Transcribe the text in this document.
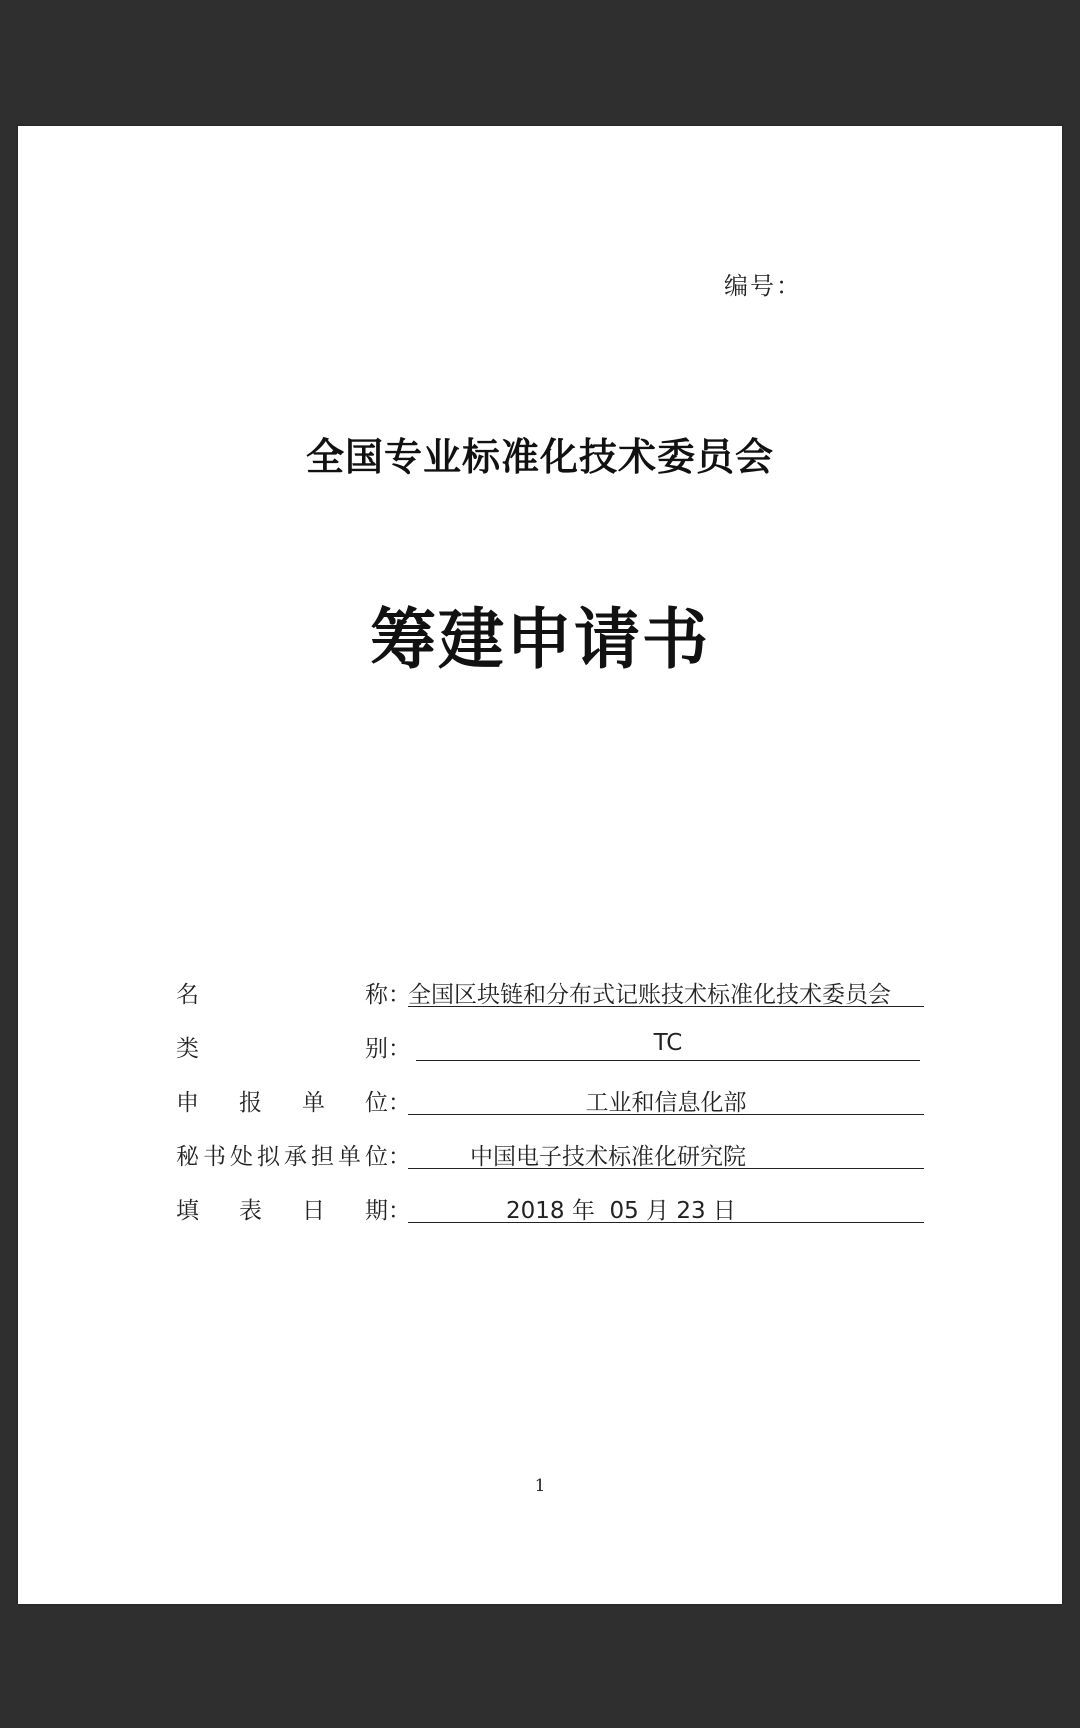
编号：
全国专业标准化技术委员会
筹建申请书
名	称 ：
全国区块链和分布式记账技术标准化技术委员会
类	别 ：	TC
申 报 单 位 ：	工业和信息化部
秘 书 处 拟 承 担 单 位 ：	中国电子技术标准化研究院
填 表 日 期 ：	2018 年  05 月 23 日
1
